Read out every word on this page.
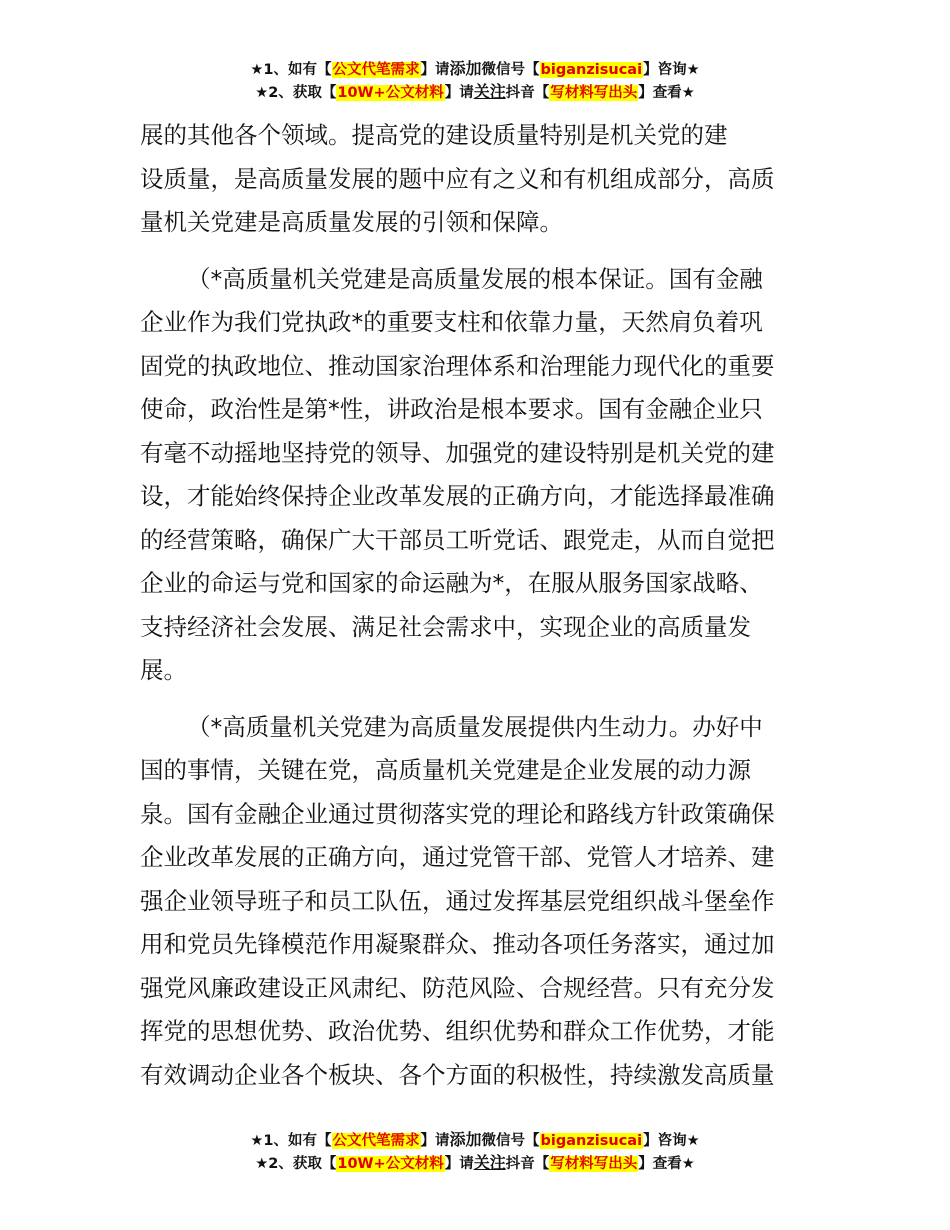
★1、如有【公文代笔需求】请添加微信号【biganzisucai】咨询★
★2、获取【10W+公文材料】请关注抖音【写材料写出头】查看★
展的其他各个领域。提高党的建设质量特别是机关党的建
设质量，是高质量发展的题中应有之义和有机组成部分，高质
量机关党建是高质量发展的引领和保障。
（*高质量机关党建是高质量发展的根本保证。国有金融
企业作为我们党执政*的重要支柱和依靠力量，天然肩负着巩
固党的执政地位、推动国家治理体系和治理能力现代化的重要
使命，政治性是第*性，讲政治是根本要求。国有金融企业只
有毫不动摇地坚持党的领导、加强党的建设特别是机关党的建
设，才能始终保持企业改革发展的正确方向，才能选择最准确
的经营策略，确保广大干部员工听党话、跟党走，从而自觉把
企业的命运与党和国家的命运融为*，在服从服务国家战略、
支持经济社会发展、满足社会需求中，实现企业的高质量发
展。
（*高质量机关党建为高质量发展提供内生动力。办好中
国的事情，关键在党，高质量机关党建是企业发展的动力源
泉。国有金融企业通过贯彻落实党的理论和路线方针政策确保
企业改革发展的正确方向，通过党管干部、党管人才培养、建
强企业领导班子和员工队伍，通过发挥基层党组织战斗堡垒作
用和党员先锋模范作用凝聚群众、推动各项任务落实，通过加
强党风廉政建设正风肃纪、防范风险、合规经营。只有充分发
挥党的思想优势、政治优势、组织优势和群众工作优势，才能
有效调动企业各个板块、各个方面的积极性，持续激发高质量
★1、如有【公文代笔需求】请添加微信号【biganzisucai】咨询★
★2、获取【10W+公文材料】请关注抖音【写材料写出头】查看★
